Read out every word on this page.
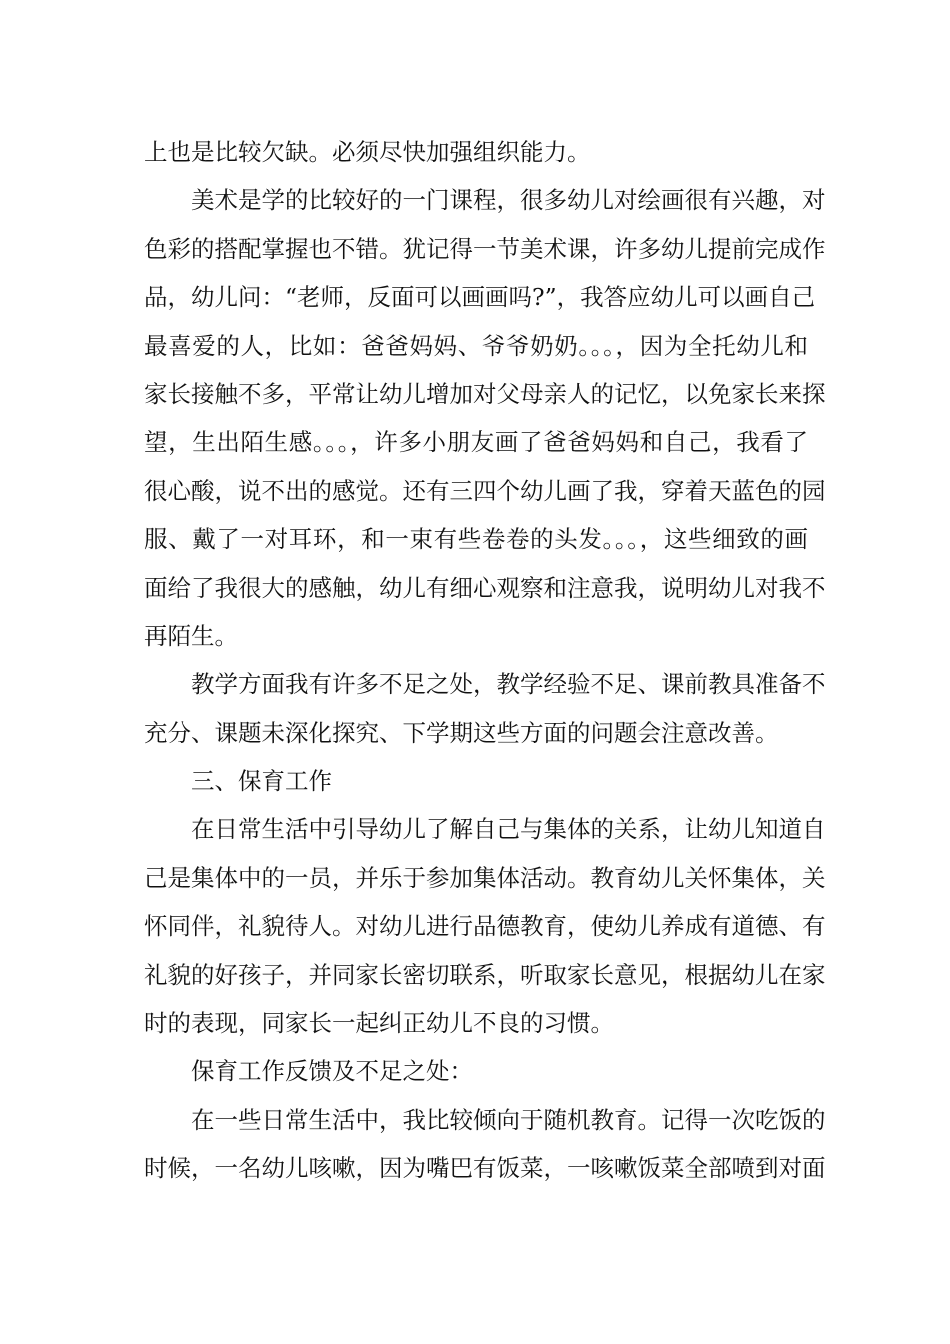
上也是比较欠缺。必须尽快加强组织能力。
美术是学的比较好的一门课程，很多幼儿对绘画很有兴趣，对
色彩的搭配掌握也不错。犹记得一节美术课，许多幼儿提前完成作
品，幼儿问：“老师，反面可以画画吗?”，我答应幼儿可以画自己
最喜爱的人，比如：爸爸妈妈、爷爷奶奶。。。，因为全托幼儿和
家长接触不多，平常让幼儿增加对父母亲人的记忆，以免家长来探
望，生出陌生感。。。，许多小朋友画了爸爸妈妈和自己，我看了
很心酸，说不出的感觉。还有三四个幼儿画了我，穿着天蓝色的园
服、戴了一对耳环，和一束有些卷卷的头发。。。，这些细致的画
面给了我很大的感触，幼儿有细心观察和注意我，说明幼儿对我不
再陌生。
教学方面我有许多不足之处，教学经验不足、课前教具准备不
充分、课题未深化探究、下学期这些方面的问题会注意改善。
三、保育工作
在日常生活中引导幼儿了解自己与集体的关系，让幼儿知道自
己是集体中的一员，并乐于参加集体活动。教育幼儿关怀集体，关
怀同伴，礼貌待人。对幼儿进行品德教育，使幼儿养成有道德、有
礼貌的好孩子，并同家长密切联系，听取家长意见，根据幼儿在家
时的表现，同家长一起纠正幼儿不良的习惯。
保育工作反馈及不足之处：
在一些日常生活中，我比较倾向于随机教育。记得一次吃饭的
时候，一名幼儿咳嗽，因为嘴巴有饭菜，一咳嗽饭菜全部喷到对面
